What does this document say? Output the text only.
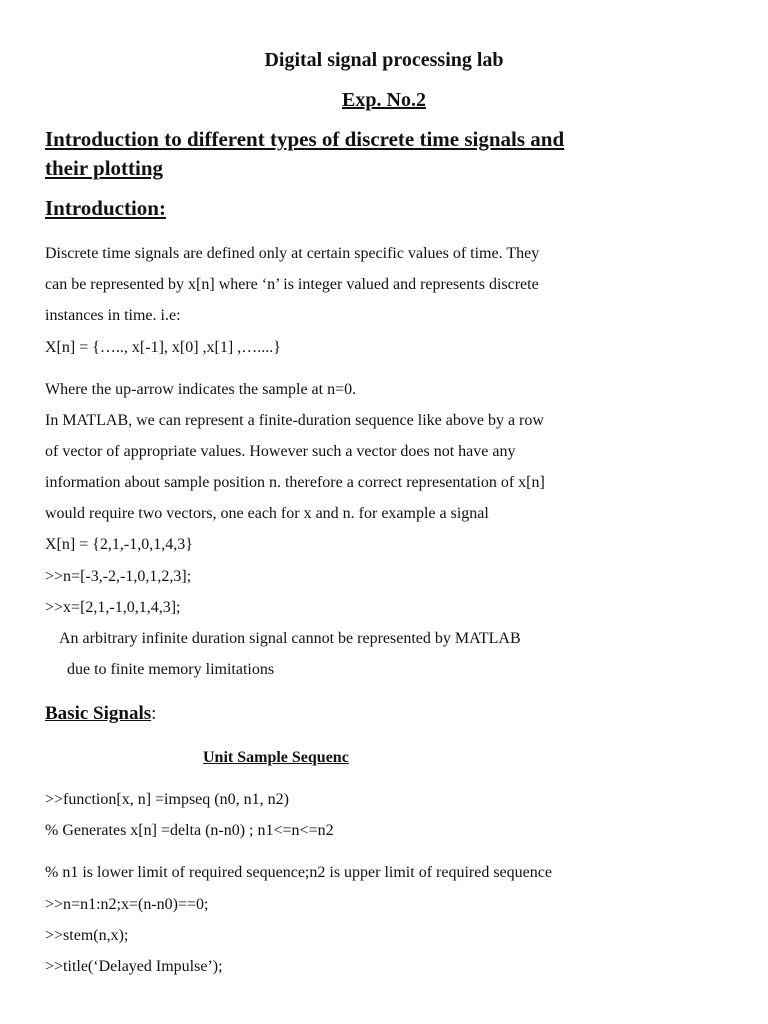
Digital signal processing lab
Exp. No.2
Introduction to different types of discrete time signals and
their plotting
Introduction:
Discrete time signals are defined only at certain specific values of time. They
can be represented by x[n] where ‘n’ is integer valued and represents discrete
instances in time. i.e:
X[n] = {….., x[-1], x[0] ,x[1] ,…....}
Where the up-arrow indicates the sample at n=0.
In MATLAB, we can represent a finite-duration sequence like above by a row
of vector of appropriate values. However such a vector does not have any
information about sample position n. therefore a correct representation of x[n]
would require two vectors, one each for x and n. for example a signal
X[n] = {2,1,-1,0,1,4,3}
>>n=[-3,-2,-1,0,1,2,3];
>>x=[2,1,-1,0,1,4,3];
An arbitrary infinite duration signal cannot be represented by MATLAB
due to finite memory limitations
Basic Signals:
Unit Sample Sequenc
>>function[x, n] =impseq (n0, n1, n2)
% Generates x[n] =delta (n-n0) ; n1<=n<=n2
% n1 is lower limit of required sequence;n2 is upper limit of required sequence
>>n=n1:n2;x=(n-n0)==0;
>>stem(n,x);
>>title(‘Delayed Impulse’);
